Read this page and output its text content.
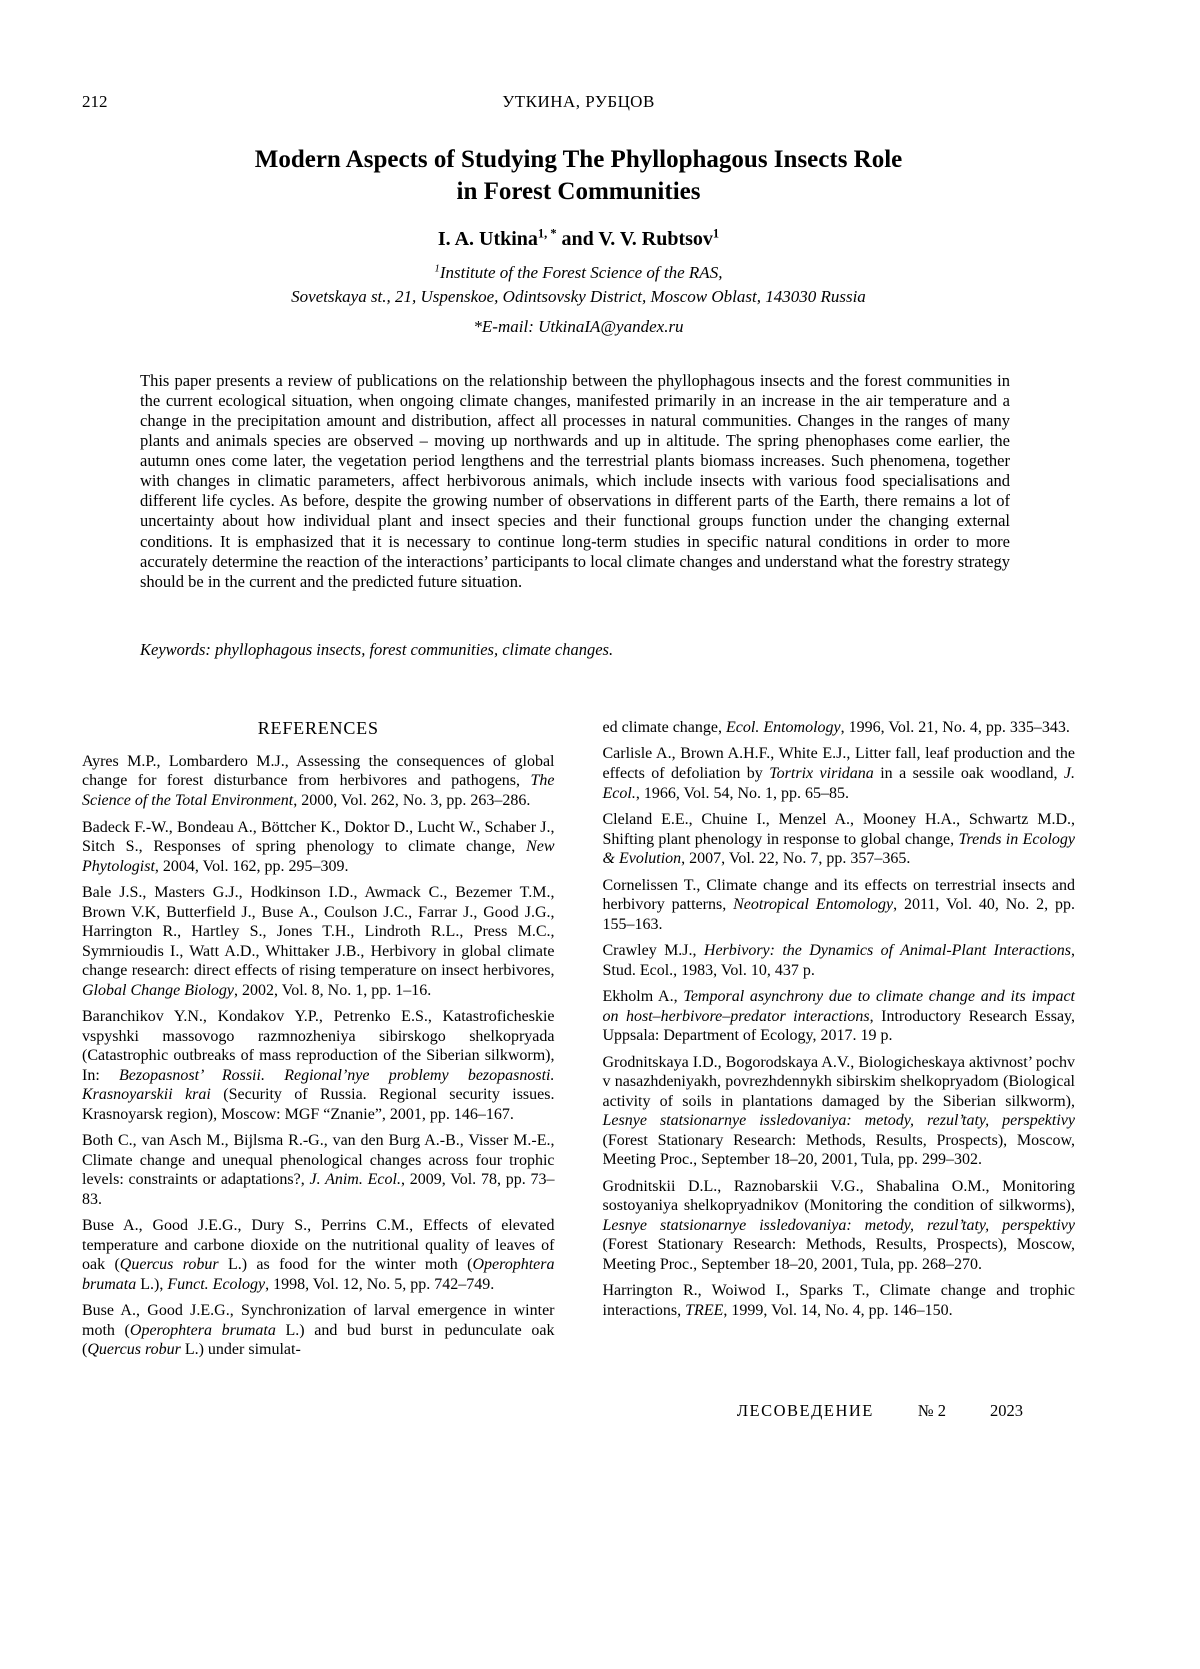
212	УТКИНА, РУБЦОВ
Modern Aspects of Studying The Phyllophagous Insects Role
in Forest Communities
I. A. Utkina$^{1, *}$ and V. V. Rubtsov$^1$
$^1$Institute of the Forest Science of the RAS,
Sovetskaya st., 21, Uspenskoe, Odintsovsky District, Moscow Oblast, 143030 Russia
*E-mail: UtkinaIA@yandex.ru

This paper presents a review of publications on the relationship between the phyllophagous insects and the forest communities in the current ecological situation, when ongoing climate changes, manifested primarily in an increase in the air temperature and a change in the precipitation amount and distribution, affect all processes in natural communities. Changes in the ranges of many plants and animals species are observed – moving up northwards and up in altitude. The spring phenophases come earlier, the autumn ones come later, the vegetation period lengthens and the terrestrial plants biomass increases. Such phenomena, together with changes in climatic parameters, affect herbivorous animals, which include insects with various food specialisations and different life cycles. As before, despite the growing number of observations in different parts of the Earth, there remains a lot of uncertainty about how individual plant and insect species and their functional groups function under the changing external conditions. It is emphasized that it is necessary to continue long-term studies in specific natural conditions in order to more accurately determine the reaction of the interactions’ participants to local climate changes and understand what the forestry strategy should be in the current and the predicted future situation.

Keywords: phyllophagous insects, forest communities, climate changes.

REFERENCES

Ayres M.P., Lombardero M.J., Assessing the consequences of global change for forest disturbance from herbivores and pathogens, The Science of the Total Environment, 2000, Vol. 262, No. 3, pp. 263–286.

Badeck F.-W., Bondeau A., Böttcher K., Doktor D., Lucht W., Schaber J., Sitch S., Responses of spring phenology to climate change, New Phytologist, 2004, Vol. 162, pp. 295–309.

Bale J.S., Masters G.J., Hodkinson I.D., Awmack C., Bezemer T.M., Brown V.K, Butterfield J., Buse A., Coulson J.C., Farrar J., Good J.G., Harrington R., Hartley S., Jones T.H., Lindroth R.L., Press M.C., Symrnioudis I., Watt A.D., Whittaker J.B., Herbivory in global climate change research: direct effects of rising temperature on insect herbivores, Global Change Biology, 2002, Vol. 8, No. 1, pp. 1–16.

Baranchikov Y.N., Kondakov Y.P., Petrenko E.S., Katastroficheskie vspyshki massovogo razmnozheniya sibirskogo shelkopryada (Catastrophic outbreaks of mass reproduction of the Siberian silkworm), In: Bezopasnost’ Rossii. Regional’nye problemy bezopasnosti. Krasnoyarskii krai (Security of Russia. Regional security issues. Krasnoyarsk region), Moscow: MGF “Znanie”, 2001, pp. 146–167.

Both C., van Asch M., Bijlsma R.-G., van den Burg A.-B., Visser M.-E., Climate change and unequal phenological changes across four trophic levels: constraints or adaptations?, J. Anim. Ecol., 2009, Vol. 78, pp. 73–83.

Buse A., Good J.E.G., Dury S., Perrins C.M., Effects of elevated temperature and carbone dioxide on the nutritional quality of leaves of oak (Quercus robur L.) as food for the winter moth (Operophtera brumata L.), Funct. Ecology, 1998, Vol. 12, No. 5, pp. 742–749.

Buse A., Good J.E.G., Synchronization of larval emergence in winter moth (Operophtera brumata L.) and bud burst in pedunculate oak (Quercus robur L.) under simulat-

ed climate change, Ecol. Entomology, 1996, Vol. 21, No. 4, pp. 335–343.

Carlisle A., Brown A.H.F., White E.J., Litter fall, leaf production and the effects of defoliation by Tortrix viridana in a sessile oak woodland, J. Ecol., 1966, Vol. 54, No. 1, pp. 65–85.

Cleland E.E., Chuine I., Menzel A., Mooney H.A., Schwartz M.D., Shifting plant phenology in response to global change, Trends in Ecology & Evolution, 2007, Vol. 22, No. 7, pp. 357–365.

Cornelissen T., Climate change and its effects on terrestrial insects and herbivory patterns, Neotropical Entomology, 2011, Vol. 40, No. 2, pp. 155–163.

Crawley M.J., Herbivory: the Dynamics of Animal-Plant Interactions, Stud. Ecol., 1983, Vol. 10, 437 p.

Ekholm A., Temporal asynchrony due to climate change and its impact on host–herbivore–predator interactions, Introductory Research Essay, Uppsala: Department of Ecology, 2017. 19 p.

Grodnitskaya I.D., Bogorodskaya A.V., Biologicheskaya aktivnost’ pochv v nasazhdeniyakh, povrezhdennykh sibirskim shelkopryadom (Biological activity of soils in plantations damaged by the Siberian silkworm), Lesnye statsionarnye issledovaniya: metody, rezul’taty, perspektivy (Forest Stationary Research: Methods, Results, Prospects), Moscow, Meeting Proc., September 18–20, 2001, Tula, pp. 299–302.

Grodnitskii D.L., Raznobarskii V.G., Shabalina O.M., Monitoring sostoyaniya shelkopryadnikov (Monitoring the condition of silkworms), Lesnye statsionarnye issledovaniya: metody, rezul’taty, perspektivy (Forest Stationary Research: Methods, Results, Prospects), Moscow, Meeting Proc., September 18–20, 2001, Tula, pp. 268–270.

Harrington R., Woiwod I., Sparks T., Climate change and trophic interactions, TREE, 1999, Vol. 14, No. 4, pp. 146–150.

ЛЕСОВЕДЕНИЕ	№ 2	2023
